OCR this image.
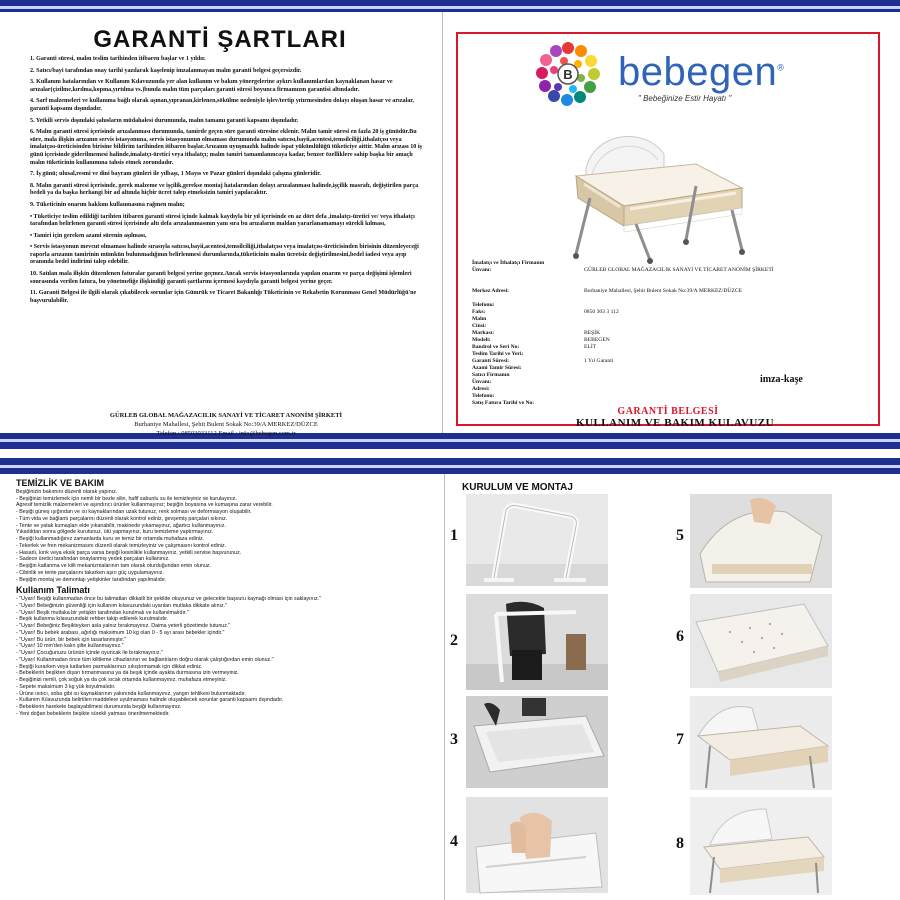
GARANTİ ŞARTLARI

1. Garanti süresi, malın teslim tarihinden itibaren başlar ve 1 yıldır.

2. Satıcı/bayi tarafından onay tarihi yazılarak kaşelenip imzalanmayan malın garanti belgesi geçersizdir.

3. Kullanım hatalarından ve Kullanım Kılavuzunda yer alan kullanım ve bakım yönergelerine aykırı kullanımlardan kaynaklanan hasar ve arızalar(çizilme,kırılma,kopma,yırtılma vs.)bunda malın tüm parçaları garanti süresi boyunca firmamızın garantisi altındadır.

4. Sarf malzemeleri ve kullanıma bağlı olarak aşınan,yıpranan,kirlenen,sökülme nedeniyle işlev/tertip yıtırmesinden dolayı oluşan hasar ve arızalar, garanti kapsamı dışındadır.

5. Yetkili servis dışındaki şahısların müdahalesi durumunda, malın tamamı garanti kapsamı dışındadır.

6. Malın garanti süresi içerisinde arızalanması durumunda, tamirde geçen süre garanti süresine eklenir. Malın tamir süresi en fazla 20 iş günüdür.Bu süre, mala ilişkin arızanın servis istasyonuna, servis istasyonunun olmaması durumunda malın satıcısı,bayii,acentesi,temsilciliği,ithalatçısı veya imalatçısı-üreticisinden birisine bildirim tarihinden itibaren başlar.Arızanın uyuşmazlık halinde ispat yükümlülüğü tüketiciye aittir. Malın arızası 10 iş günü içerisinde giderilmemesi halinde,imalatçı-üretici veya ithalatçı; malın tamiri tamamlanıncaya kadar, benzer özelliklere sahip başka bir amaçlı malın tüketicinin kullanımına tahsis etmek zorundadır.

7. İş günü; ulusal,resmi ve dini bayram günleri ile yılbaşı, 1 Mayıs ve Pazar günleri dışındaki çalışma günleridir.

8. Malın garanti süresi içerisinde, gerek malzeme ve işçilik,gerekse montaj hatalarından dolayı arızalanması halinde,işçilik masrafı, değiştirilen parça bedeli ya da başka herhangi bir ad altında hiçbir ücret talep etmeksizin tamiri yapılacaktır.

9. Tüketicinin onarım hakkını kullanmasına rağmen malın;

• Tüketiciye teslim edildiği tarihten itibaren garanti süresi içinde kalmak kaydıyla bir yıl içerisinde en az dört defa ,imalatçı-üretici ve/ veya ithalatçı tarafından belirlenen garanti süresi içerisinde altı defa arızalanmasının yanı sıra bu arızaların maldan yararlanamamayı sürekli kılması,

• Tamiri için gereken azami sürenin aşılması,

• Servis istasyonun mevcut olmaması halinde sırasıyla satıcısı,bayii,acentesi,temsilciliği,ithalatçısı veya imalatçısı-üreticisinden birisinin düzenleyeceği raporla arızanın tamirinin mümkün bulunmadığının belirlenmesi durumlarında,tüketicinin malın ücretsiz değiştirilmesini,bedel iadesi veya ayıp oranında bedel indirimi talep edebilir.

10. Satılan mala ilişkin düzenlenen faturalar garanti belgesi yerine geçmez.Ancak servis istasyonlarında yapılan onarım ve parça değişimi işlemleri sonrasında verilen fatura, bu yönetmeliğe ilişkindiği garanti şartlarını içermesi kaydıyla garanti belgesi yerine geçer.

11. Garanti Belgesi ile ilgili olarak çıkabilecek sorunlar için Gümrük ve Ticaret Bakanlığı Tüketicinin ve Rekabetin Korunması Genel Müdürlüğü'ne başvurulabilir.

GÜRLEB GLOBAL MAĞAZACILIK SANAYİ VE TİCARET ANONİM ŞİRKETİ
Burhaniye Mahallesi, Şehit Bulent Sokak No:39/A MERKEZ/DÜZCE
Telefon : 08503033112 Email : info@bebegen.com.tr
B bebegen®
" Bebeğinize Estir Hayatı "
İmalatçı ve İthalatçı Firmanın
Ünvanı:	GÜRLEB GLOBAL MAĞAZACILIK SANAYİ VE TİCARET ANONİM ŞİRKETİ
Merkez Adresi:	Burhaniye Mahallesi, Şehit Bulent Sokak No:39/A MERKEZ/DÜZCE
Telefonu:
Faks:	0850 303 3 112
Malın
Cinsi:
Markası:	BEŞİK
Modeli:	BEBEGEN
Bandrol ve Seri No:	ELİT
Teslim Tarihi ve Yeri:
Garanti Süresi:	1 Yıl Garanti
Azami Tamir Süresi:
Satıcı Firmanın
Ünvanı:
Adresi:
Telefonu:
Satış Fatura Tarihi ve No:
imza-kaşe
GARANTİ BELGESİ
KULLANIM VE BAKIM KULAVUZU
TEMİZLİK VE BAKIM

Beşiğinizin bakımını düzenli olarak yapınız.

- Beşiğinizi temizlemek için nemli bir bezle silin, hafif sabunlu su ile temizleyiniz ve kurulayınız.

Agresif temizlik malzemeleri ve aşındırıcı ürünler kullanmayınız; beşiğin boyasına ve kumaşına zarar verebilir.

- Beşiği güneş ışığından ve ısı kaynaklarından uzak tutunuz, renk solması ve deformasyon oluşabilir.

- Tüm vida ve bağlantı parçalarını düzenli olarak kontrol ediniz, gevşemiş parçaları sıkınız.

- Tente ve yatak kumaşları elde yıkanabilir, makinede yıkamayınız, ağartıcı kullanmayınız.

Yıkadıktan sonra gölgede kurutunuz, ütü yapmayınız, kuru temizleme yaptırmayınız.

- Beşiği kullanmadığınız zamanlarda kuru ve temiz bir ortamda muhafaza ediniz.

- Tekerlek ve fren mekanizmasını düzenli olarak temizleyiniz ve çalışmasını kontrol ediniz.

- Hasarlı, kırık veya eksik parça varsa beşiği kesinlikle kullanmayınız, yetkili servise başvurunuz.

- Sadece üretici tarafından onaylanmış yedek parçaları kullanınız.

- Beşiğin katlanma ve kilit mekanizmalarının tam olarak oturduğundan emin olunuz.

- Cibinlik ve tente parçalarını takarken aşırı güç uygulamayınız.

- Beşiğin montaj ve demontajı yetişkinler tarafından yapılmalıdır.

Kullanım Talimatı

- "Uyarı! Beşiği kullanmadan önce bu talimatları dikkatli bir şekilde okuyunuz ve gelecekte başvuru kaynağı olması için saklayınız."

- "Uyarı! Bebeğinizin güvenliği için kullanım kılavuzundaki uyarıları mutlaka dikkate alınız."

- "Uyarı! Beşik mutlaka bir yetişkin tarafından kurulmalı ve kullanılmalıdır."

- Beşik kullanma kılavuzundaki rehber takip edilerek kurulmalıdır.

- "Uyarı! Bebeğiniz Beşikteyken asla yalnız bırakmayınız. Daima yeterli gözetimde tutunuz."

- "Uyarı! Bu bebek arabası, ağırlığı maksimum 10 kg olan 0 - 5 ayı arası bebekler içindir."

- "Uyarı! Bu ürün, bir bebek için tasarlanmıştır."

- "Uyarı! 10 mm'den kalın şilte kullanmayınız."

- "Uyarı! Çocuğunuzu ürünün içinde oyuncak ile bırakmayınız."

- "Uyarı! Kullanmadan önce tüm kilitleme cihazlarının ve bağlantıların doğru olarak çalıştığından emin olunuz."

- Beşiği kurarken veya katlarken parmaklarınızı sıkıştırmamak için dikkat ediniz.

- Bebeklerin beşikten dışarı tırmanmasına ya da beşik içinde ayakta durmasına izin vermeyiniz.

- Beşiğinizi nemli, çok soğuk ya da çok sıcak ortamda kullanmayınız, muhafaza etmeyiniz.

- Sepete maksimum 3 kg yük koyulmalıdır.

- Ürüne ısıtıcı, soba gibi ısı kaynaklarının yakınında kullanmayınız, yangın tehlikesi bulunmaktadır.

- Kullanım Kılavuzunda belirtilen maddelere uyulmaması halinde oluşabilecek sorunlar garanti kapsamı dışındadır.

- Bebeklerin harekete başlayabilmesi durumunda beşiği kullanmayınız.

- Yeni doğan bebeklerin beşikte sürekli yatması önerilmemektedir.

KURULUM VE MONTAJ
1
2
3
4
5
6
7
8
